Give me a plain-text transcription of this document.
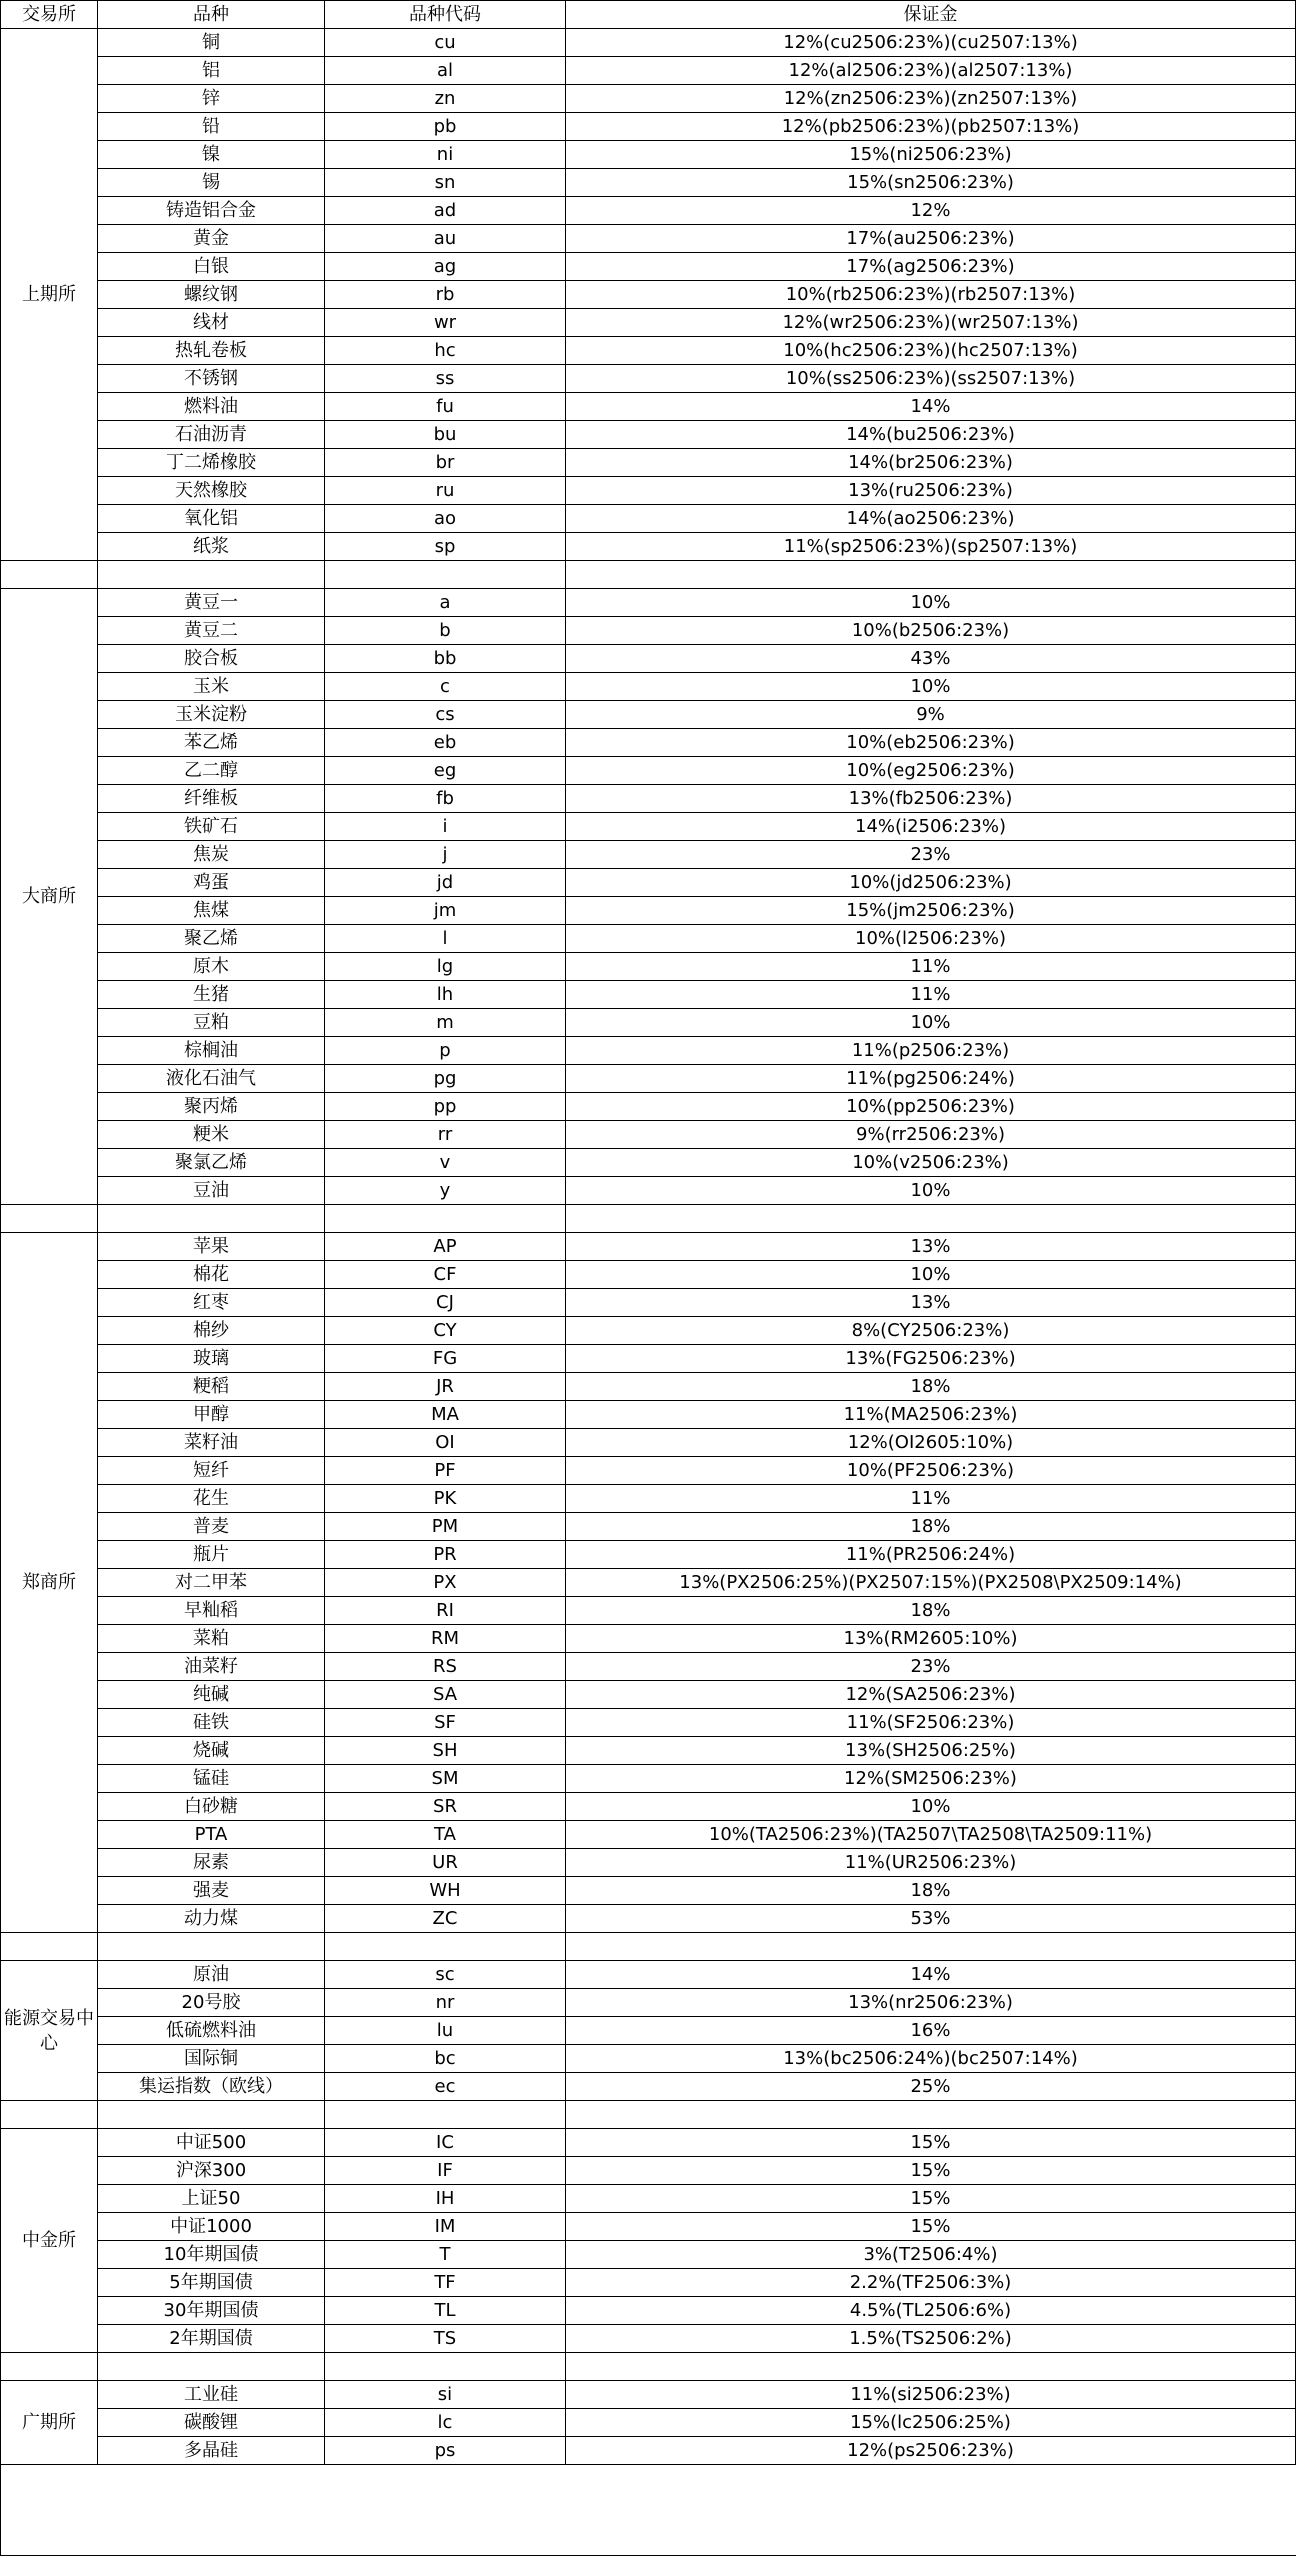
交易所	品种	品种代码	保证金
上期所	铜	cu	12%(cu2506:23%)(cu2507:13%)
	铝	al	12%(al2506:23%)(al2507:13%)
	锌	zn	12%(zn2506:23%)(zn2507:13%)
	铅	pb	12%(pb2506:23%)(pb2507:13%)
	镍	ni	15%(ni2506:23%)
	锡	sn	15%(sn2506:23%)
	铸造铝合金	ad	12%
	黄金	au	17%(au2506:23%)
	白银	ag	17%(ag2506:23%)
	螺纹钢	rb	10%(rb2506:23%)(rb2507:13%)
	线材	wr	12%(wr2506:23%)(wr2507:13%)
	热轧卷板	hc	10%(hc2506:23%)(hc2507:13%)
	不锈钢	ss	10%(ss2506:23%)(ss2507:13%)
	燃料油	fu	14%
	石油沥青	bu	14%(bu2506:23%)
	丁二烯橡胶	br	14%(br2506:23%)
	天然橡胶	ru	13%(ru2506:23%)
	氧化铝	ao	14%(ao2506:23%)
	纸浆	sp	11%(sp2506:23%)(sp2507:13%)

大商所	黄豆一	a	10%
	黄豆二	b	10%(b2506:23%)
	胶合板	bb	43%
	玉米	c	10%
	玉米淀粉	cs	9%
	苯乙烯	eb	10%(eb2506:23%)
	乙二醇	eg	10%(eg2506:23%)
	纤维板	fb	13%(fb2506:23%)
	铁矿石	i	14%(i2506:23%)
	焦炭	j	23%
	鸡蛋	jd	10%(jd2506:23%)
	焦煤	jm	15%(jm2506:23%)
	聚乙烯	l	10%(l2506:23%)
	原木	lg	11%
	生猪	lh	11%
	豆粕	m	10%
	棕榈油	p	11%(p2506:23%)
	液化石油气	pg	11%(pg2506:24%)
	聚丙烯	pp	10%(pp2506:23%)
	粳米	rr	9%(rr2506:23%)
	聚氯乙烯	v	10%(v2506:23%)
	豆油	y	10%

郑商所	苹果	AP	13%
	棉花	CF	10%
	红枣	CJ	13%
	棉纱	CY	8%(CY2506:23%)
	玻璃	FG	13%(FG2506:23%)
	粳稻	JR	18%
	甲醇	MA	11%(MA2506:23%)
	菜籽油	OI	12%(OI2605:10%)
	短纤	PF	10%(PF2506:23%)
	花生	PK	11%
	普麦	PM	18%
	瓶片	PR	11%(PR2506:24%)
	对二甲苯	PX	13%(PX2506:25%)(PX2507:15%)(PX2508\PX2509:14%)
	早籼稻	RI	18%
	菜粕	RM	13%(RM2605:10%)
	油菜籽	RS	23%
	纯碱	SA	12%(SA2506:23%)
	硅铁	SF	11%(SF2506:23%)
	烧碱	SH	13%(SH2506:25%)
	锰硅	SM	12%(SM2506:23%)
	白砂糖	SR	10%
	PTA	TA	10%(TA2506:23%)(TA2507\TA2508\TA2509:11%)
	尿素	UR	11%(UR2506:23%)
	强麦	WH	18%
	动力煤	ZC	53%

能源交易中心	原油	sc	14%
	20号胶	nr	13%(nr2506:23%)
	低硫燃料油	lu	16%
	国际铜	bc	13%(bc2506:24%)(bc2507:14%)
	集运指数（欧线）	ec	25%

中金所	中证500	IC	15%
	沪深300	IF	15%
	上证50	IH	15%
	中证1000	IM	15%
	10年期国债	T	3%(T2506:4%)
	5年期国债	TF	2.2%(TF2506:3%)
	30年期国债	TL	4.5%(TL2506:6%)
	2年期国债	TS	1.5%(TS2506:2%)

广期所	工业硅	si	11%(si2506:23%)
	碳酸锂	lc	15%(lc2506:25%)
	多晶硅	ps	12%(ps2506:23%)
